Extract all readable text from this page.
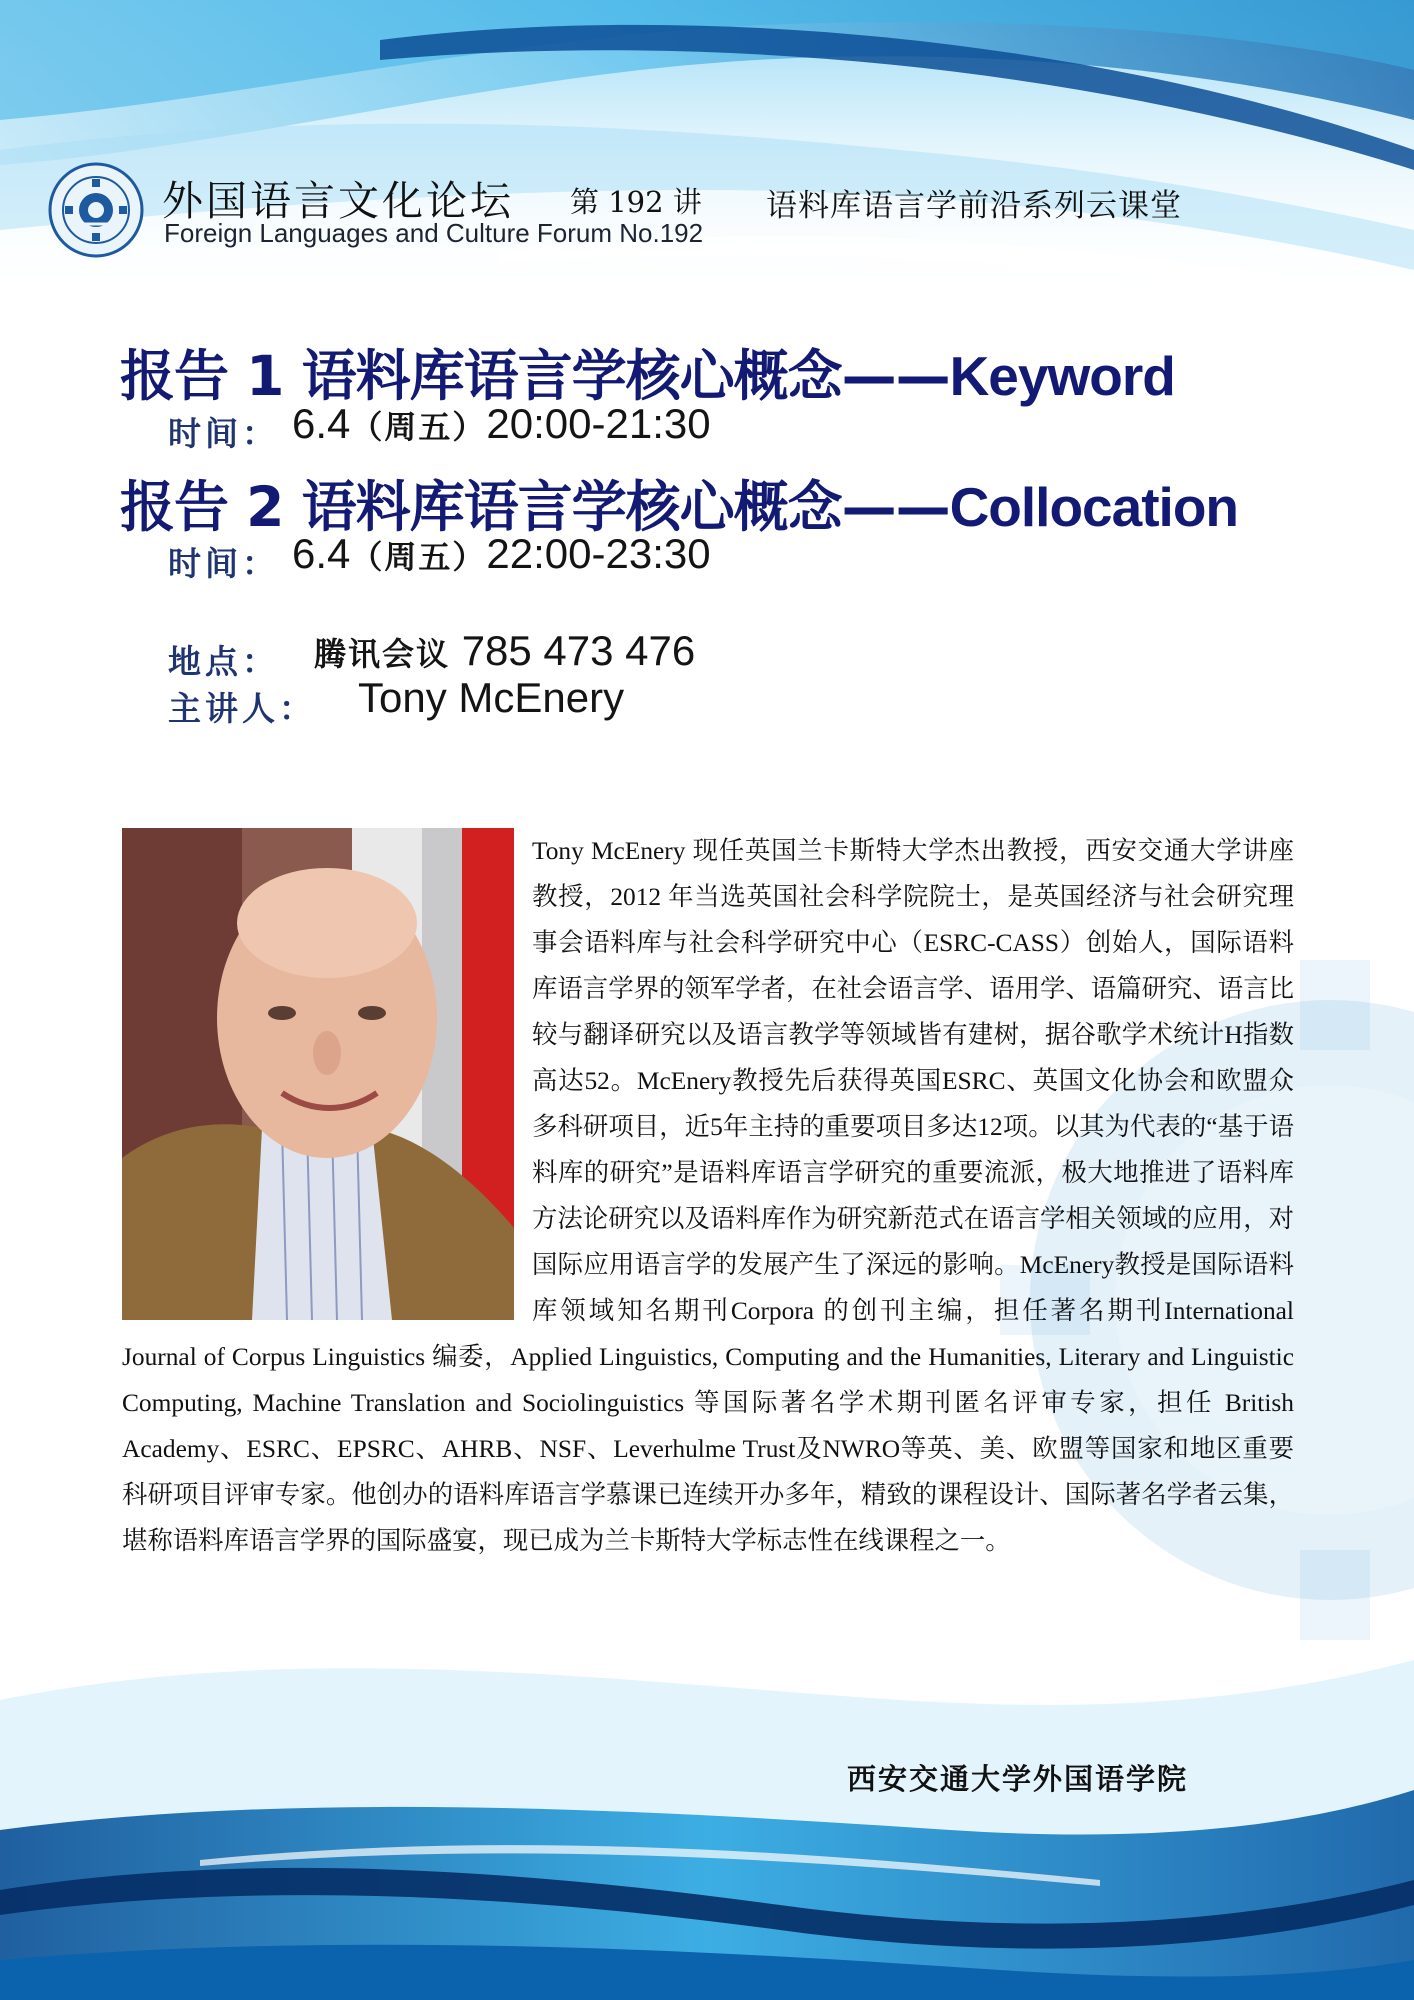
外国语言文化论坛 第 192 讲 语料库语言学前沿系列云课堂
Foreign Languages and Culture Forum No.192
报告 1 语料库语言学核心概念——Keyword
时间： 6.4（周五）20:00-21:30
报告 2 语料库语言学核心概念——Collocation
时间： 6.4（周五）22:00-23:30
地点： 腾讯会议 785 473 476
主讲人： Tony McEnery
Tony McEnery 现任英国兰卡斯特大学杰出教授，西安交通大学讲座教授，2012 年当选英国社会科学院院士，是英国经济与社会研究理事会语料库与社会科学研究中心（ESRC-CASS）创始人，国际语料库语言学界的领军学者，在社会语言学、语用学、语篇研究、语言比较与翻译研究以及语言教学等领域皆有建树，据谷歌学术统计H指数高达52。McEnery教授先后获得英国ESRC、英国文化协会和欧盟众多科研项目，近5年主持的重要项目多达12项。以其为代表的“基于语料库的研究”是语料库语言学研究的重要流派，极大地推进了语料库方法论研究以及语料库作为研究新范式在语言学相关领域的应用，对国际应用语言学的发展产生了深远的影响。McEnery教授是国际语料库领域知名期刊Corpora 的创刊主编，担任著名期刊International Journal of Corpus Linguistics 编委，Applied Linguistics, Computing and the Humanities, Literary and Linguistic Computing, Machine Translation and Sociolinguistics 等国际著名学术期刊匿名评审专家，担任 British Academy、ESRC、EPSRC、AHRB、NSF、Leverhulme Trust及NWRO等英、美、欧盟等国家和地区重要科研项目评审专家。他创办的语料库语言学慕课已连续开办多年，精致的课程设计、国际著名学者云集，堪称语料库语言学界的国际盛宴，现已成为兰卡斯特大学标志性在线课程之一。
西安交通大学外国语学院
